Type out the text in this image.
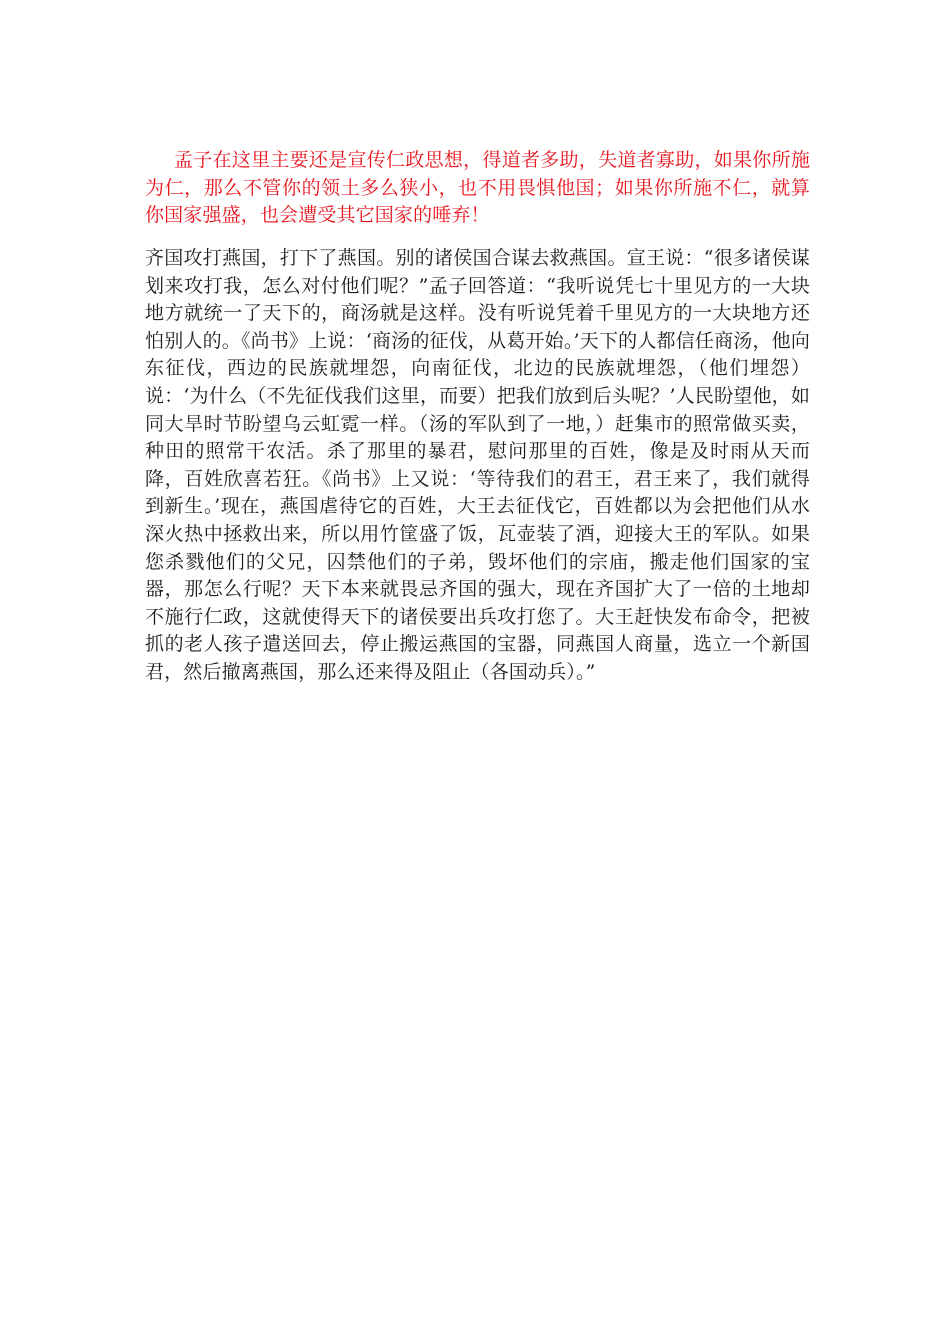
孟子在这里主要还是宣传仁政思想，得道者多助，失道者寡助，如果你所施为仁，那么不管你的领土多么狭小，也不用畏惧他国；如果你所施不仁，就算你国家强盛，也会遭受其它国家的唾弃！

齐国攻打燕国，打下了燕国。别的诸侯国合谋去救燕国。宣王说：“很多诸侯谋划来攻打我，怎么对付他们呢？”孟子回答道：“我听说凭七十里见方的一大块地方就统一了天下的，商汤就是这样。没有听说凭着千里见方的一大块地方还怕别人的。《尚书》上说：‘商汤的征伐，从葛开始。’天下的人都信任商汤，他向东征伐，西边的民族就埋怨，向南征伐，北边的民族就埋怨，（他们埋怨）说：‘为什么（不先征伐我们这里，而要）把我们放到后头呢？’人民盼望他，如同大旱时节盼望乌云虹霓一样。（汤的军队到了一地，）赶集市的照常做买卖，种田的照常干农活。杀了那里的暴君，慰问那里的百姓，像是及时雨从天而降，百姓欣喜若狂。《尚书》上又说：‘等待我们的君王，君王来了，我们就得到新生。’现在，燕国虐待它的百姓，大王去征伐它，百姓都以为会把他们从水深火热中拯救出来，所以用竹筐盛了饭，瓦壶装了酒，迎接大王的军队。如果您杀戮他们的父兄，囚禁他们的子弟，毁坏他们的宗庙，搬走他们国家的宝器，那怎么行呢？天下本来就畏忌齐国的强大，现在齐国扩大了一倍的土地却不施行仁政，这就使得天下的诸侯要出兵攻打您了。大王赶快发布命令，把被抓的老人孩子遣送回去，停止搬运燕国的宝器，同燕国人商量，选立一个新国君，然后撤离燕国，那么还来得及阻止（各国动兵）。”
